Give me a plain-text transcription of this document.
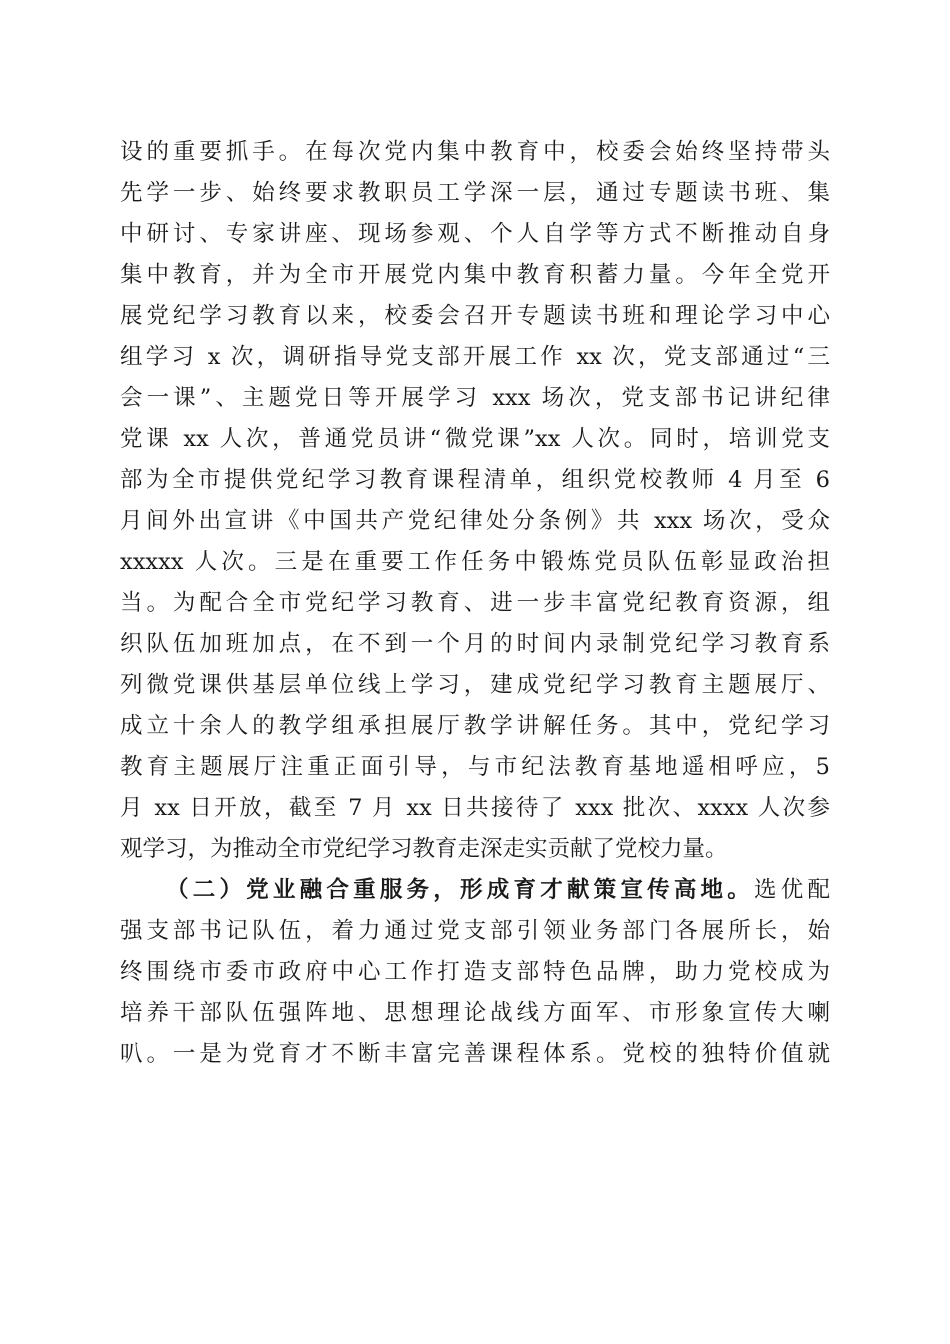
设的重要抓手。在每次党内集中教育中，校委会始终坚持带头
先学一步、始终要求教职员工学深一层，通过专题读书班、集
中研讨、专家讲座、现场参观、个人自学等方式不断推动自身
集中教育，并为全市开展党内集中教育积蓄力量。今年全党开
展党纪学习教育以来，校委会召开专题读书班和理论学习中心
组学习 x 次，调研指导党支部开展工作 xx 次，党支部通过“三
会一课”、主题党日等开展学习 xxx 场次，党支部书记讲纪律
党课 xx 人次，普通党员讲“微党课”xx 人次。同时，培训党支
部为全市提供党纪学习教育课程清单，组织党校教师 4 月至 6
月间外出宣讲《中国共产党纪律处分条例》共 xxx 场次，受众
xxxxx 人次。三是在重要工作任务中锻炼党员队伍彰显政治担
当。为配合全市党纪学习教育、进一步丰富党纪教育资源，组
织队伍加班加点，在不到一个月的时间内录制党纪学习教育系
列微党课供基层单位线上学习，建成党纪学习教育主题展厅、
成立十余人的教学组承担展厅教学讲解任务。其中，党纪学习
教育主题展厅注重正面引导，与市纪法教育基地遥相呼应，5
月 xx 日开放，截至 7 月 xx 日共接待了 xxx 批次、xxxx 人次参
观学习，为推动全市党纪学习教育走深走实贡献了党校力量。
（二）党业融合重服务，形成育才献策宣传高地。选优配
强支部书记队伍，着力通过党支部引领业务部门各展所长，始
终围绕市委市政府中心工作打造支部特色品牌，助力党校成为
培养干部队伍强阵地、思想理论战线方面军、市形象宣传大喇
叭。一是为党育才不断丰富完善课程体系。党校的独特价值就
